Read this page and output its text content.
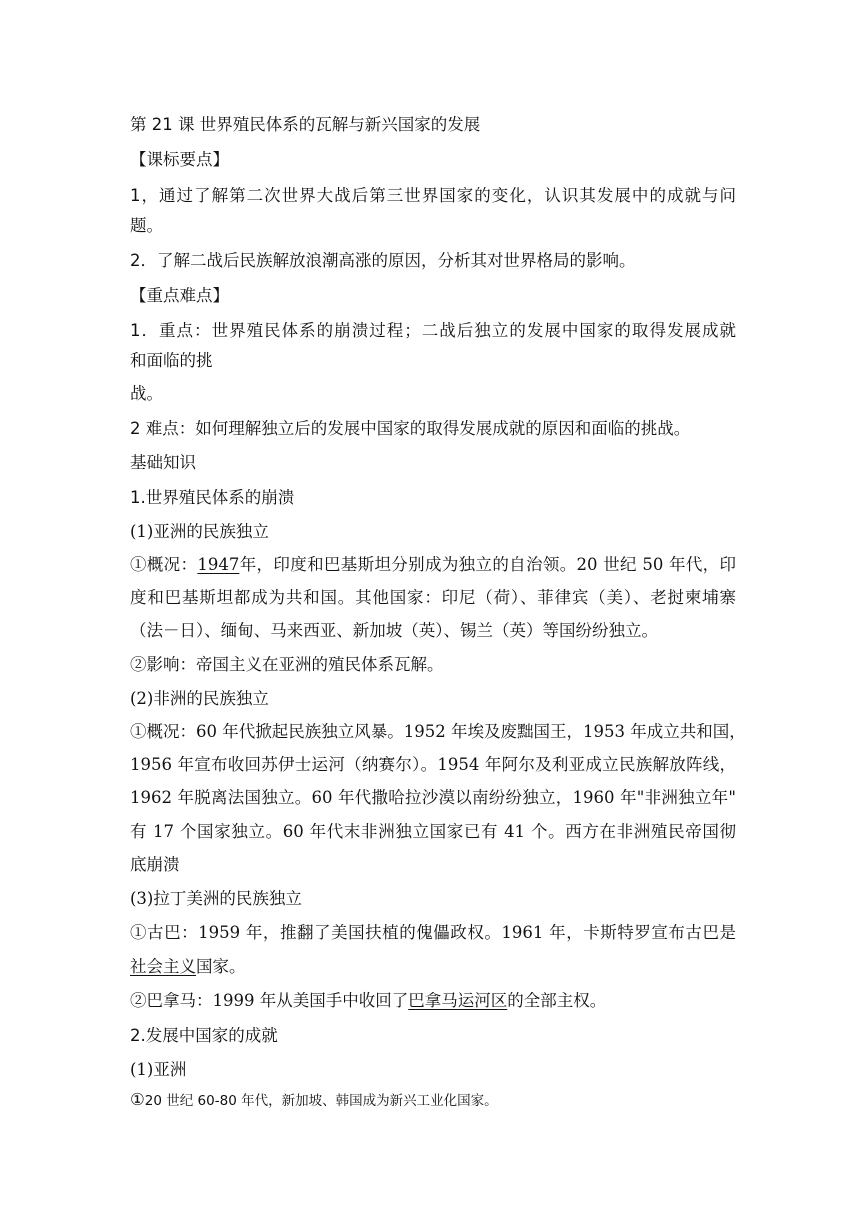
第 21 课 世界殖民体系的瓦解与新兴国家的发展
【课标要点】
1，通过了解第二次世界大战后第三世界国家的变化，认识其发展中的成就与问
题。
2．了解二战后民族解放浪潮高涨的原因，分析其对世界格局的影响。
【重点难点】
1．重点：世界殖民体系的崩溃过程；二战后独立的发展中国家的取得发展成就
和面临的挑
战。
2 难点：如何理解独立后的发展中国家的取得发展成就的原因和面临的挑战。
基础知识
1.世界殖民体系的崩溃
(1)亚洲的民族独立
①概况：1947年，印度和巴基斯坦分别成为独立的自治领。20 世纪 50 年代，印
度和巴基斯坦都成为共和国。其他国家：印尼（荷）、菲律宾（美）、老挝柬埔寨
（法－日）、缅甸、马来西亚、新加坡（英）、锡兰（英）等国纷纷独立。
②影响：帝国主义在亚洲的殖民体系瓦解。
(2)非洲的民族独立
①概况：60 年代掀起民族独立风暴。1952 年埃及废黜国王，1953 年成立共和国，
1956 年宣布收回苏伊士运河（纳赛尔）。1954 年阿尔及利亚成立民族解放阵线，
1962 年脱离法国独立。60 年代撒哈拉沙漠以南纷纷独立，1960 年"非洲独立年"
有 17 个国家独立。60 年代末非洲独立国家已有 41 个。西方在非洲殖民帝国彻
底崩溃
(3)拉丁美洲的民族独立
①古巴：1959 年，推翻了美国扶植的傀儡政权。1961 年，卡斯特罗宣布古巴是
社会主义国家。
②巴拿马：1999 年从美国手中收回了巴拿马运河区的全部主权。
2.发展中国家的成就
(1)亚洲
①20 世纪 60-80 年代，新加坡、韩国成为新兴工业化国家。
